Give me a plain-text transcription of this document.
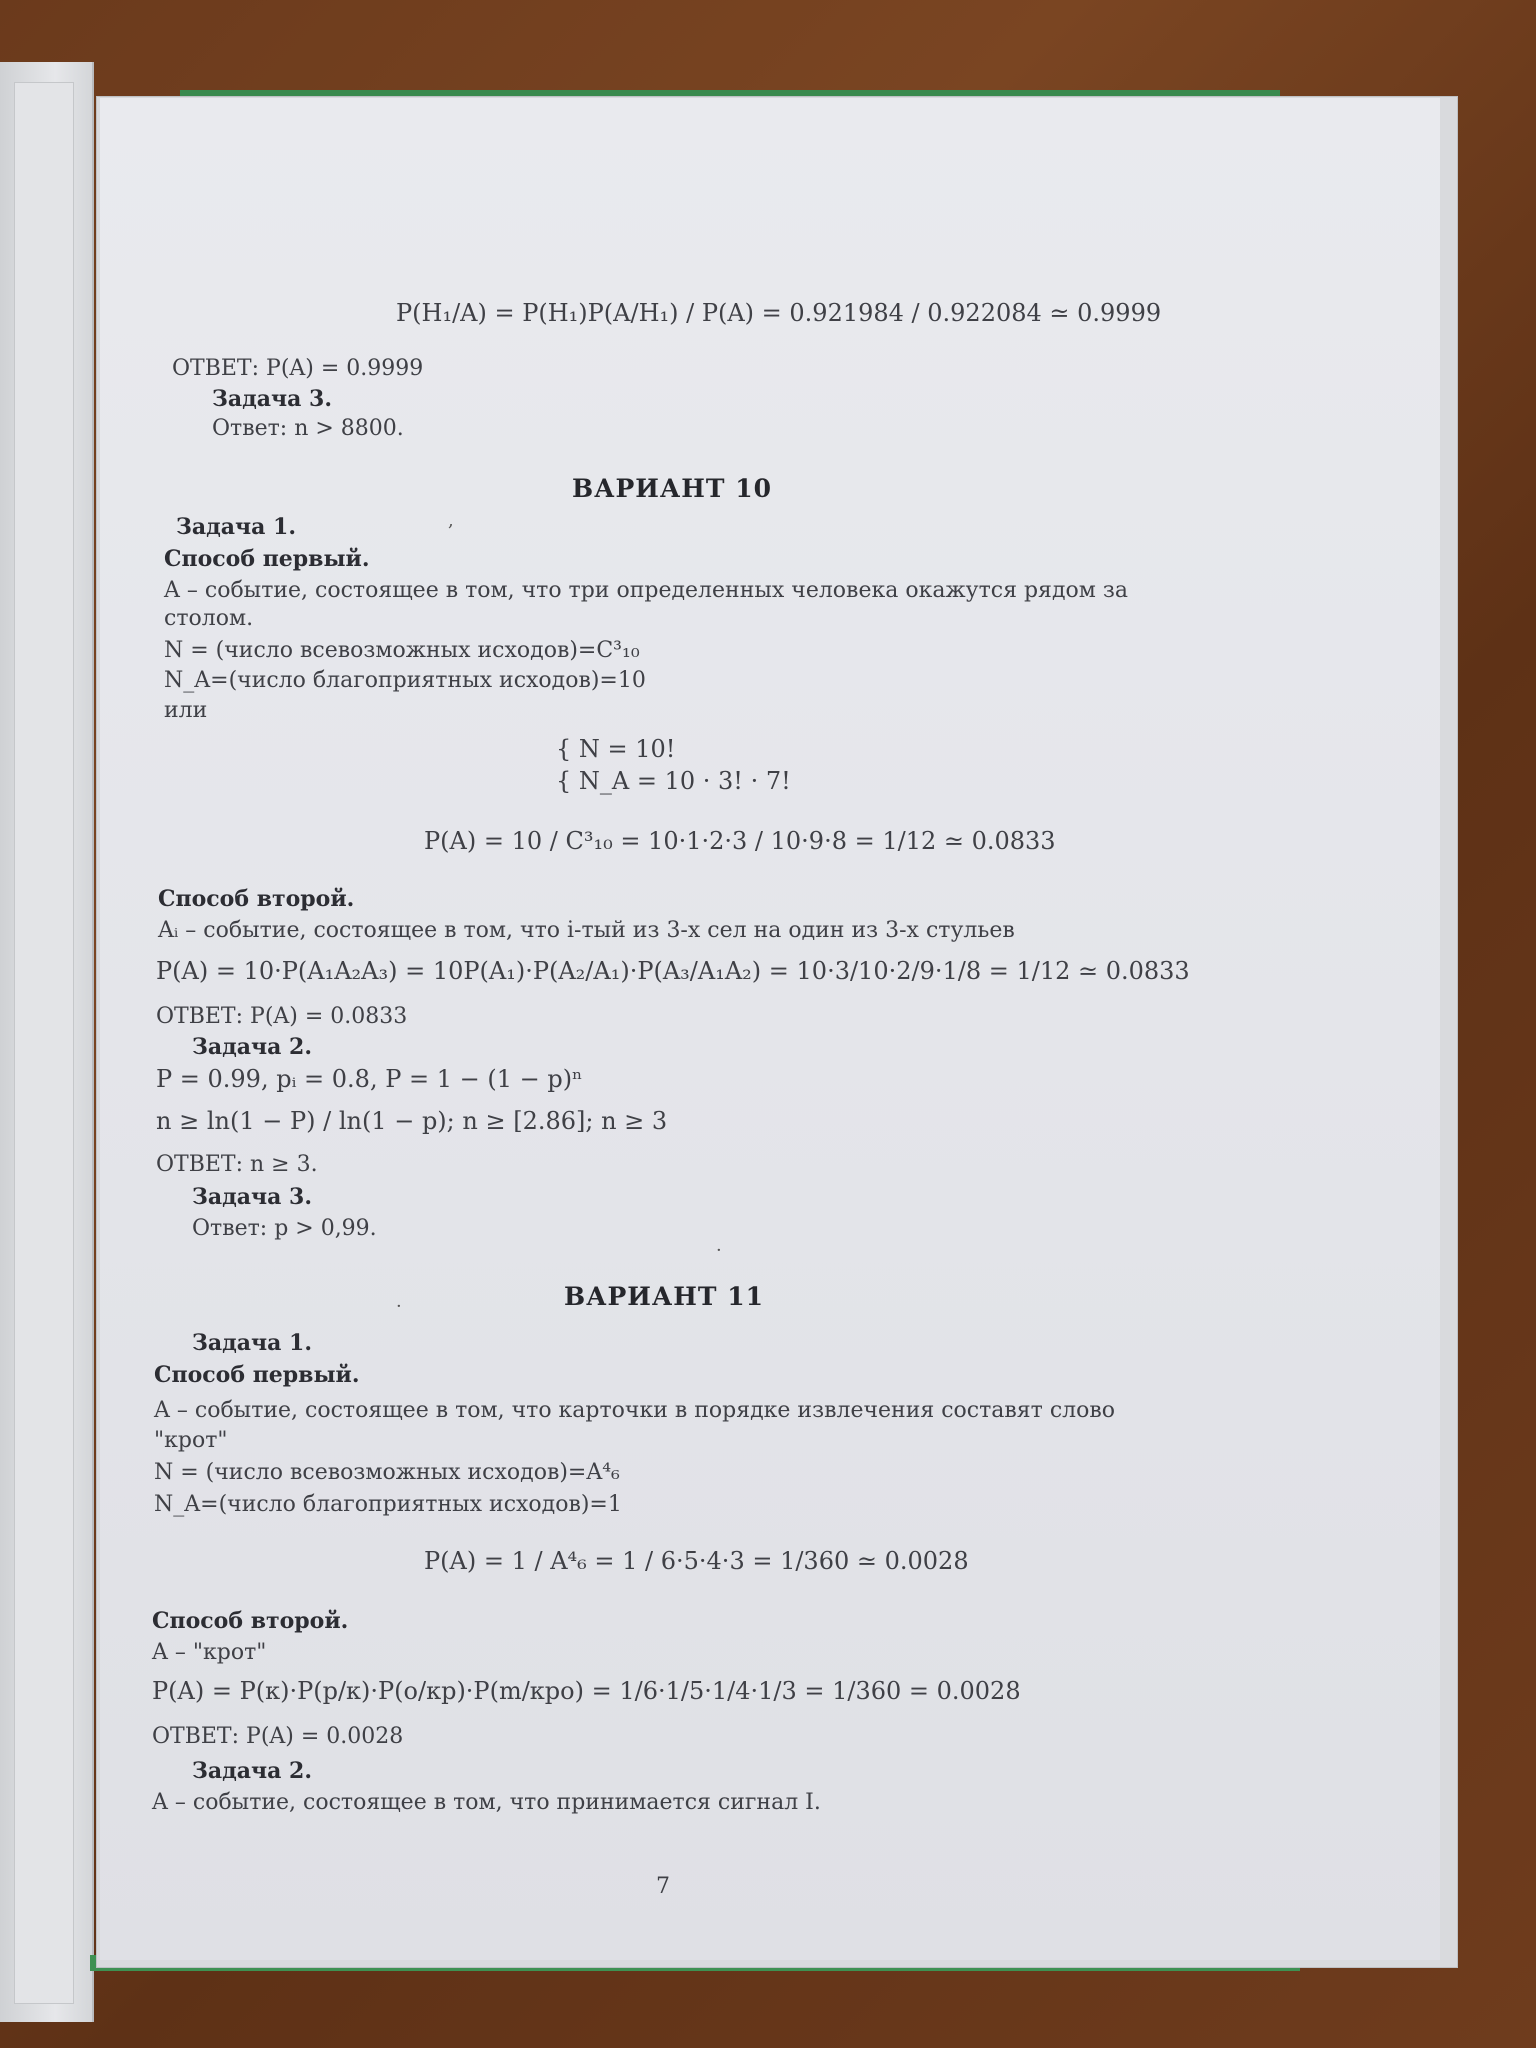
P(H₁/A) = P(H₁)P(A/H₁) / P(A) = 0.921984 / 0.922084 ≃ 0.9999
ОТВЕТ: P(A) = 0.9999
Задача 3.
Ответ: n > 8800.
ВАРИАНТ 10
Задача 1.
Способ первый.
A – событие, состоящее в том, что три определенных человека окажутся рядом за
столом.
N = (число всевозможных исходов)=C³₁₀
N_A=(число благоприятных исходов)=10
или
{ N = 10!
{ N_A = 10 · 3! · 7!
P(A) = 10 / C³₁₀ = 10·1·2·3 / 10·9·8 = 1/12 ≃ 0.0833
Способ второй.
Aᵢ – событие, состоящее в том, что i-тый из 3-х сел на один из 3-х стульев
P(A) = 10·P(A₁A₂A₃) = 10P(A₁)·P(A₂/A₁)·P(A₃/A₁A₂) = 10·3/10·2/9·1/8 = 1/12 ≃ 0.0833
ОТВЕТ: P(A) = 0.0833
Задача 2.
P = 0.99, pᵢ = 0.8, P = 1 − (1 − p)ⁿ
n ≥ ln(1 − P) / ln(1 − p); n ≥ [2.86]; n ≥ 3
ОТВЕТ: n ≥ 3.
Задача 3.
Ответ: p > 0,99.
ВАРИАНТ 11
Задача 1.
Способ первый.
A – событие, состоящее в том, что карточки в порядке извлечения составят слово
"крот"
N = (число всевозможных исходов)=A⁴₆
N_A=(число благоприятных исходов)=1
P(A) = 1 / A⁴₆ = 1 / 6·5·4·3 = 1/360 ≃ 0.0028
Способ второй.
A – "крот"
P(A) = P(к)·P(р/к)·P(о/кр)·P(m/кро) = 1/6·1/5·1/4·1/3 = 1/360 = 0.0028
ОТВЕТ: P(A) = 0.0028
Задача 2.
A – событие, состоящее в том, что принимается сигнал I.
7
,
·
·
